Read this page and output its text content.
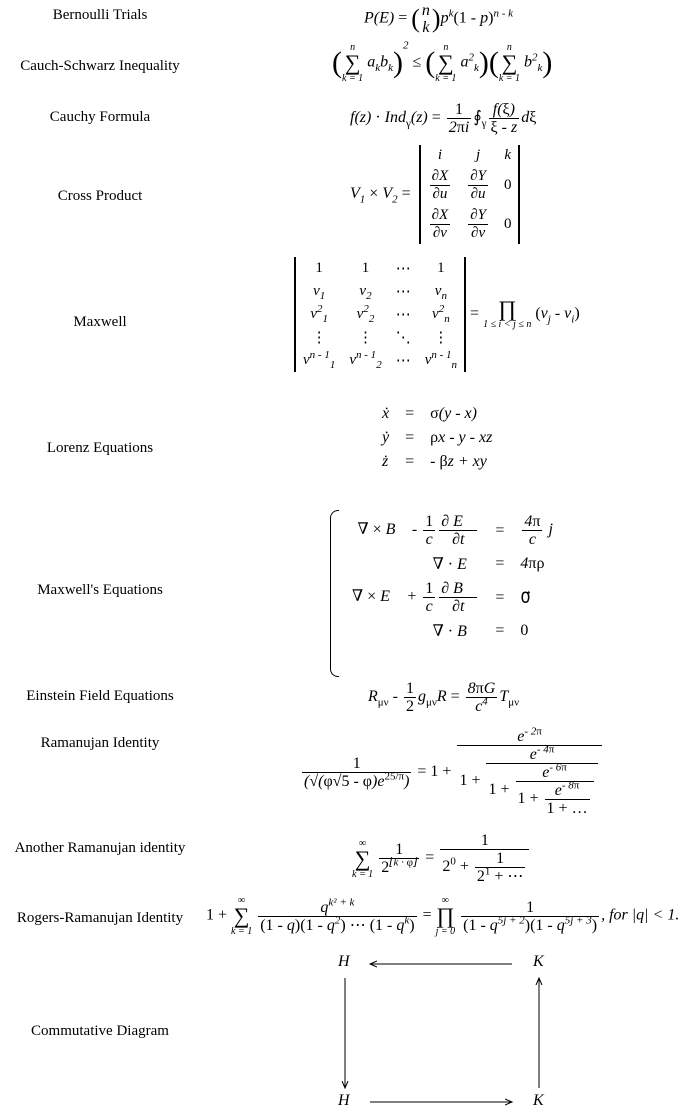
Bernoulli Trials
Cauch-Schwarz Inequality
Cauchy Formula
Cross Product
Maxwell
Lorenz Equations
Maxwell's Equations
Einstein Field Equations
Ramanujan Identity
Another Ramanujan identity
Rogers-Ramanujan Identity
Commutative Diagram
P(E) = ( n
k )$p^k(1 - p)^{n - k}$
( n
∑
k = 1
$a_kb_k)^2$ ≤ ( n
∑
k = 1
$a^2_k$)( n
∑
k = 1
$b^2_k$)
$f(z) \cdot Ind_\gamma(z) = \frac{1}{2\pi i}$ $∮_\gamma \frac{f(\xi)}{\xi - z}$ dξ
$V_1 \times V_2 = i$	j	k

$\frac{\partial X}{\partial u}$	$\frac{\partial Y}{\partial u}$	0

$\frac{\partial X}{\partial v}$	$\frac{\partial Y}{\partial v}$	0
1	1	⋯	1
$v_1$	$v_2$	⋯	$v_n$
$v^2_1$	$v^2_2$	⋯	$v^2_n$
⋮	⋮	⋱	⋮
$v^{n - 1}_1$	$v^{n - 1}_2$	⋯	$v^{n - 1}_n$ = ∏
1 ≤ i < j ≤ n
$(v_j - v_i)$
ẋ	=	σ(y - x)
ẏ	=	ρx - y - xz
ż	=	- βz + xy
∇ × B⃗ - $\frac{1}{c} \frac{\partial E⃗}{\partial t}$	=	$\frac{4\pi}{c}$ j⃗
∇ · E⃗	=	4πρ
∇ × E⃗ + $\frac{1}{c} \frac{\partial B⃗}{\partial t}$	=	0⃗
∇ · B⃗	=	0
$R_{\mu\nu} - \frac{1}{2} g_{\mu\nu}R = \frac{8\pi G}{c^4} T_{\mu\nu}$
$\frac{1}{(√(\varphi√5 - \varphi)e^{25/\pi})} = 1 + \frac{e^{- 2\pi}}{1 + \frac{e^{- 4\pi}}{1 + \frac{e^{- 6\pi}}{1 + \frac{e^{- 8\pi}}{1 + \dots}}}}$
∞
∑
k = 1
$\frac{1}{2^{⌊k \cdot \varphi⌋}} = \frac{1}{2^0 + \frac{1}{2^1 + \cdots}}$
1 +
∞
∑
k = 1
$\frac{q^{k^2 + k}}{(1 - q)(1 - q^2) \cdots (1 - q^k)}$ =
∞
∏
j = 0
$\frac{1}{(1 - q^{5j + 2})(1 - q^{5j + 3})}$ , for |q| < 1.
H	K
H	K
